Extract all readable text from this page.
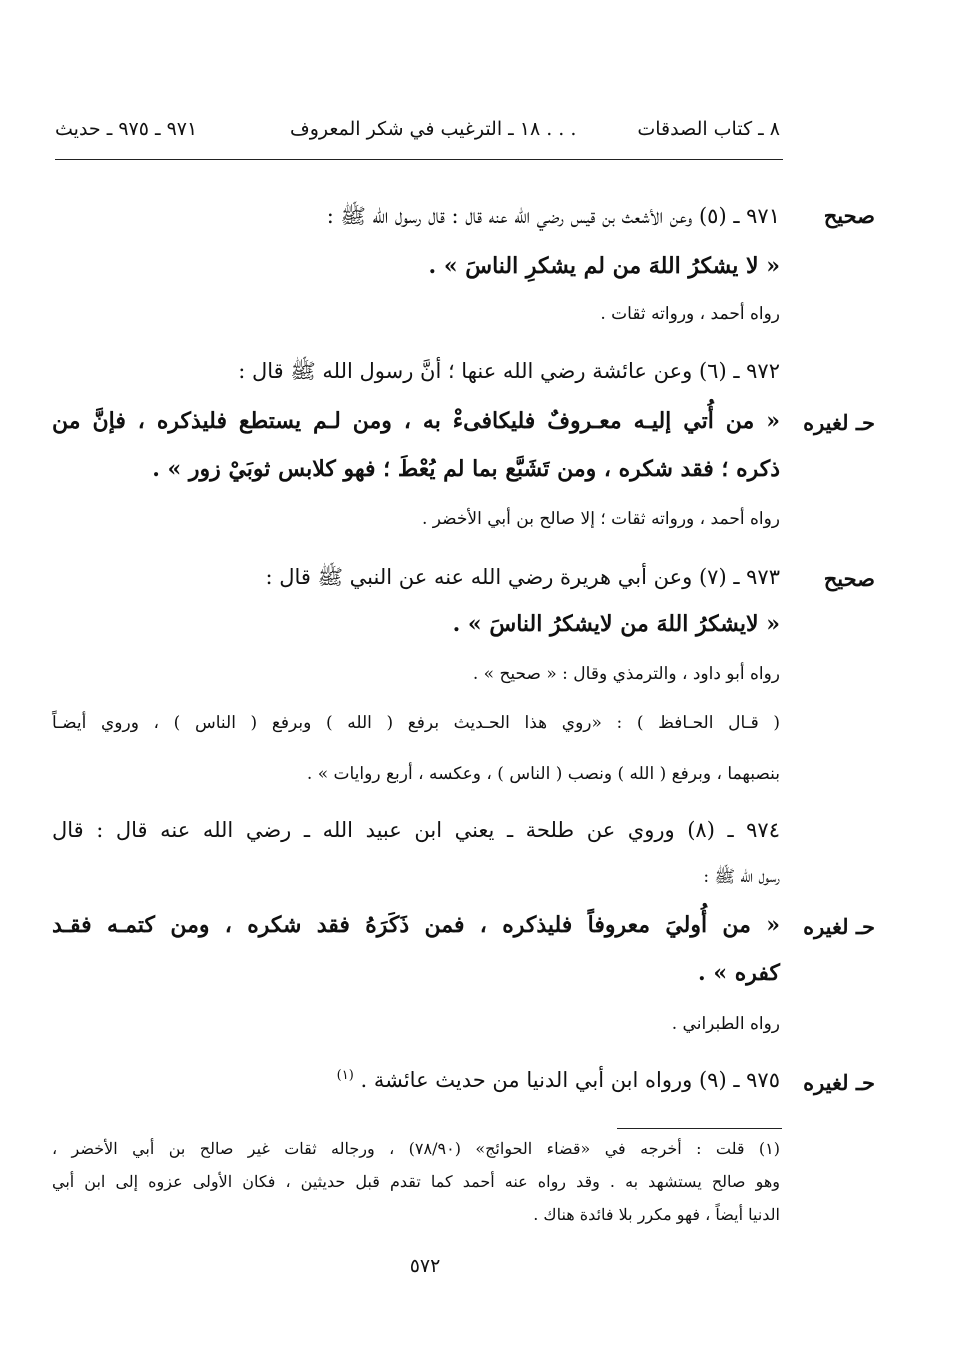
٨ ـ كتاب الصدقات
١٨ ـ الترغيب في شكر المعروف . . .
٩٧١ ـ ٩٧٥ ـ حديث
صحيح
٩٧١ ـ (٥) وعن الأشعث بن قيس رضي الله عنه قال : قال رسول الله ﷺ :
« لا يشكرُ اللهَ من لم يشكرِ الناسَ » .
رواه أحمد ، ورواته ثقات .
٩٧٢ ـ (٦) وعن عائشة رضي الله عنها ؛ أنَّ رسول الله ﷺ قال :
حـ لغيره
« من أُتي إليـه معـروفٌ فليكافىءْ به ، ومن لـم يستطع فليذكره ، فإنَّ من
ذكره ؛ فقد شكره ، ومن تَشَبَّع بما لم يُعْطَ ؛ فهو كلابس ثوبَيْ زور » .
رواه أحمد ، ورواته ثقات ؛ إلا صالح بن أبي الأخضر .
صحيح
٩٧٣ ـ (٧) وعن أبي هريرة رضي الله عنه عن النبي ﷺ قال :
« لايشكرُ اللهَ من لايشكرُ الناسَ » .
رواه أبو داود ، والترمذي وقال : « صحيح » .
( قـال الحـافظ ) : «روي هذا الحـديث برفع ( الله ) وبرفع ( الناس ) ، وروي أيضـاً
بنصبهما ، وبرفع ( الله ) ونصب ( الناس ) ، وعكسه ، أربع روايات » .
٩٧٤ ـ (٨) وروي عن طلحة ـ يعني ابن عبيد الله ـ رضي الله عنه قال : قال
رسول الله ﷺ :
حـ لغيره
« من أُوليَ معروفاً فليذكره ، فمن ذَكَرَهُ فقد شكره ، ومن كتمـه فقـد
كفره » .
رواه الطبراني .
حـ لغيره
٩٧٥ ـ (٩) ورواه ابن أبي الدنيا من حديث عائشة . $^{(١)}$
(١) قلت : أخرجه في «قضاء الحوائج» (٧٨/٩٠) ، ورجاله ثقات غير صالح بن أبي الأخضر ،
وهو صالح يستشهد به . وقد رواه عنه أحمد كما تقدم قبل حديثين ، فكان الأولى عزوه إلى ابن أبي
الدنيا أيضاً ، فهو مكرر بلا فائدة هناك .
٥٧٢
